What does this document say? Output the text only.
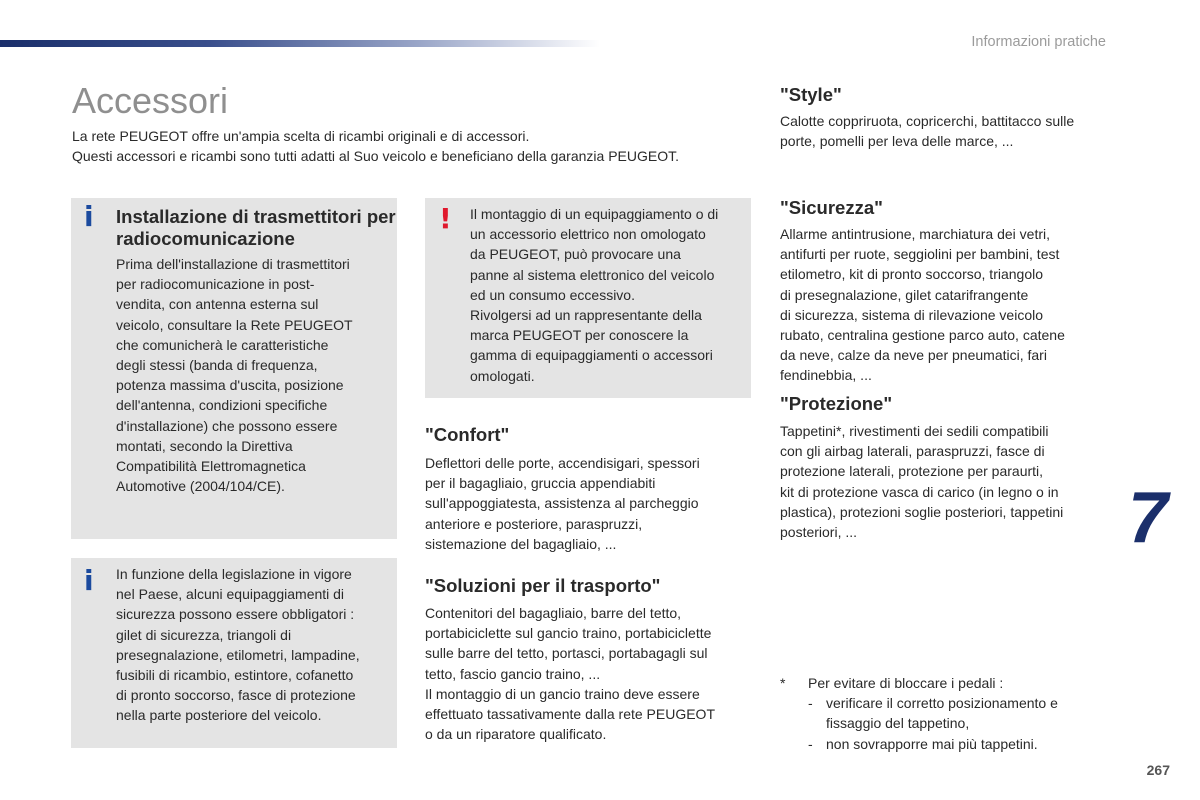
Informazioni pratiche
Accessori
La rete PEUGEOT offre un'ampia scelta di ricambi originali e di accessori.
Questi accessori e ricambi sono tutti adatti al Suo veicolo e beneficiano della garanzia PEUGEOT.
i Installazione di trasmettitori per radiocomunicazione
Prima dell'installazione di trasmettitori
per radiocomunicazione in post-
vendita, con antenna esterna sul
veicolo, consultare la Rete PEUGEOT
che comunicherà le caratteristiche
degli stessi (banda di frequenza,
potenza massima d'uscita, posizione
dell'antenna, condizioni specifiche
d'installazione) che possono essere
montati, secondo la Direttiva
Compatibilità Elettromagnetica
Automotive (2004/104/CE).
i In funzione della legislazione in vigore
nel Paese, alcuni equipaggiamenti di
sicurezza possono essere obbligatori :
gilet di sicurezza, triangoli di
presegnalazione, etilometri, lampadine,
fusibili di ricambio, estintore, cofanetto
di pronto soccorso, fasce di protezione
nella parte posteriore del veicolo.
! Il montaggio di un equipaggiamento o di
un accessorio elettrico non omologato
da PEUGEOT, può provocare una
panne al sistema elettronico del veicolo
ed un consumo eccessivo.
Rivolgersi ad un rappresentante della
marca PEUGEOT per conoscere la
gamma di equipaggiamenti o accessori
omologati.
"Confort"
Deflettori delle porte, accendisigari, spessori
per il bagagliaio, gruccia appendiabiti
sull'appoggiatesta, assistenza al parcheggio
anteriore e posteriore, paraspruzzi,
sistemazione del bagagliaio, ...
"Soluzioni per il trasporto"
Contenitori del bagagliaio, barre del tetto,
portabiciclette sul gancio traino, portabiciclette
sulle barre del tetto, portasci, portabagagli sul
tetto, fascio gancio traino, ...
Il montaggio di un gancio traino deve essere
effettuato tassativamente dalla rete PEUGEOT
o da un riparatore qualificato.
"Style"
Calotte coppriruota, copricerchi, battitacco sulle
porte, pomelli per leva delle marce, ...
"Sicurezza"
Allarme antintrusione, marchiatura dei vetri,
antifurti per ruote, seggiolini per bambini, test
etilometro, kit di pronto soccorso, triangolo
di presegnalazione, gilet catarifrangente
di sicurezza, sistema di rilevazione veicolo
rubato, centralina gestione parco auto, catene
da neve, calze da neve per pneumatici, fari
fendinebbia, ...
"Protezione"
Tappetini*, rivestimenti dei sedili compatibili
con gli airbag laterali, paraspruzzi, fasce di
protezione laterali, protezione per paraurti,
kit di protezione vasca di carico (in legno o in
plastica), protezioni soglie posteriori, tappetini
posteriori, ...	7
*	Per evitare di bloccare i pedali :
- verificare il corretto posizionamento e
fissaggio del tappetino,
- non sovrapporre mai più tappetini.
267
